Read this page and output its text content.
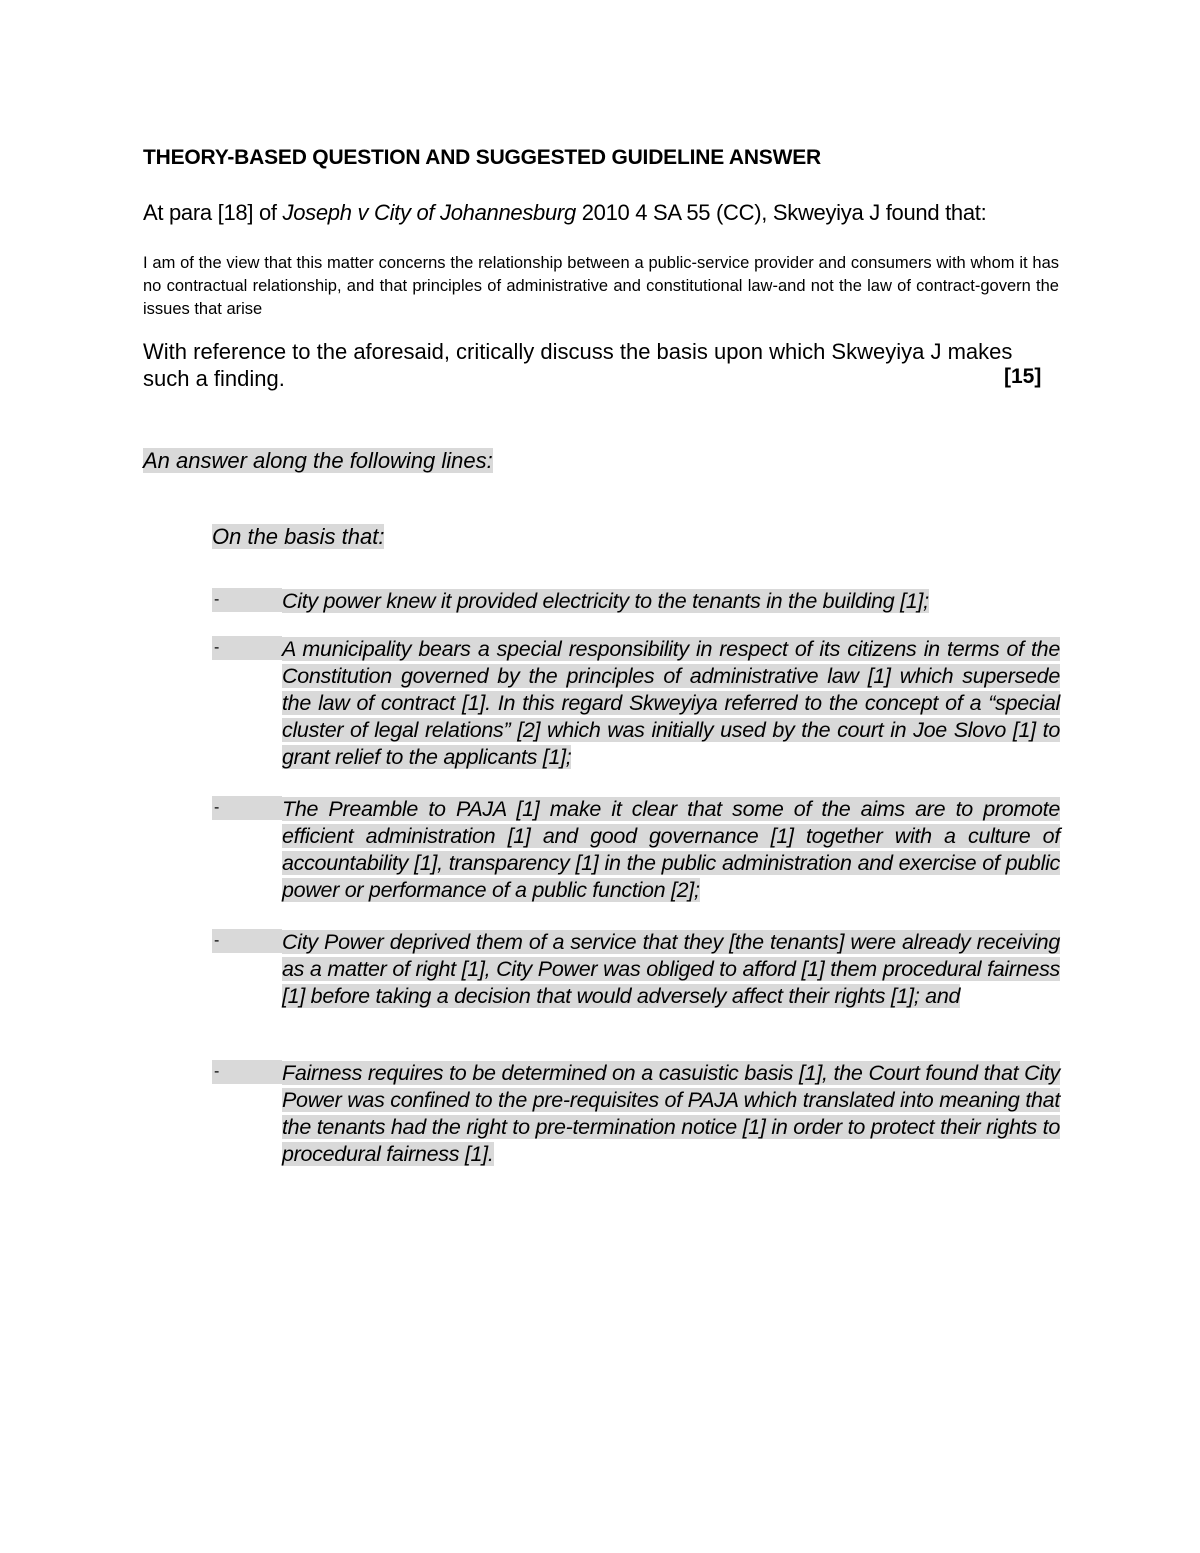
THEORY-BASED QUESTION AND SUGGESTED GUIDELINE ANSWER
At para [18] of Joseph v City of Johannesburg 2010 4 SA 55 (CC), Skweyiya J found that:
I am of the view that this matter concerns the relationship between a public-service provider and consumers with whom it has no contractual relationship, and that principles of administrative and constitutional law-and not the law of contract-govern the issues that arise
With reference to the aforesaid, critically discuss the basis upon which Skweyiya J makes such a finding.	[15]
An answer along the following lines:
On the basis that:
-	City power knew it provided electricity to the tenants in the building [1];
-	A municipality bears a special responsibility in respect of its citizens in terms of the Constitution governed by the principles of administrative law [1] which supersede the law of contract [1]. In this regard Skweyiya referred to the concept of a “special cluster of legal relations” [2] which was initially used by the court in Joe Slovo [1] to grant relief to the applicants [1];
-	The Preamble to PAJA [1] make it clear that some of the aims are to promote efficient administration [1] and good governance [1] together with a culture of accountability [1], transparency [1] in the public administration and exercise of public power or performance of a public function [2];
-	City Power deprived them of a service that they [the tenants] were already receiving as a matter of right [1], City Power was obliged to afford [1] them procedural fairness [1] before taking a decision that would adversely affect their rights [1]; and
-	Fairness requires to be determined on a casuistic basis [1], the Court found that City Power was confined to the pre-requisites of PAJA which translated into meaning that the tenants had the right to pre-termination notice [1] in order to protect their rights to procedural fairness [1].
